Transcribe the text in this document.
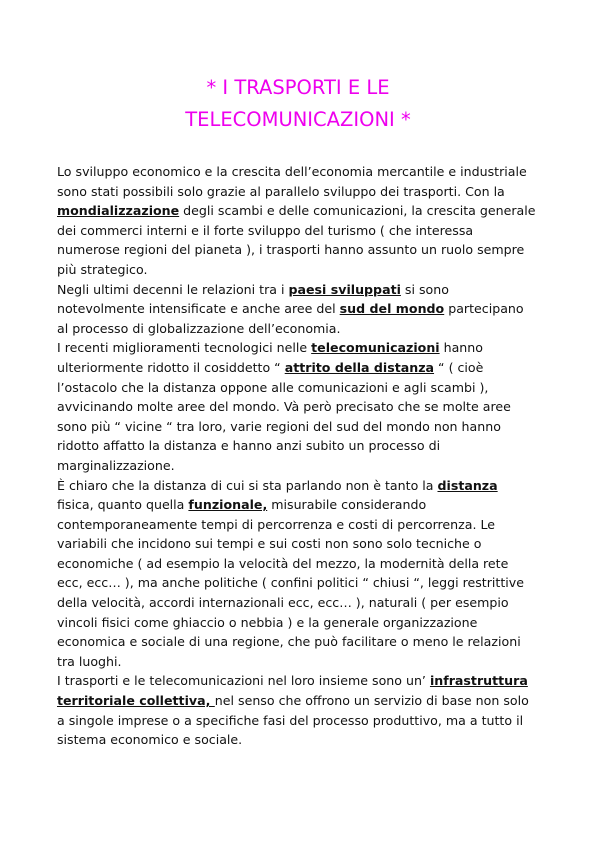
* I TRASPORTI E LE
TELECOMUNICAZIONI *
Lo sviluppo economico e la crescita dell’economia mercantile e industriale
sono stati possibili solo grazie al parallelo sviluppo dei trasporti. Con la
mondializzazione degli scambi e delle comunicazioni, la crescita generale
dei commerci interni e il forte sviluppo del turismo ( che interessa
numerose regioni del pianeta ), i trasporti hanno assunto un ruolo sempre
più strategico.
Negli ultimi decenni le relazioni tra i paesi sviluppati si sono
notevolmente intensificate e anche aree del sud del mondo partecipano
al processo di globalizzazione dell’economia.
I recenti miglioramenti tecnologici nelle telecomunicazioni hanno
ulteriormente ridotto il cosiddetto “ attrito della distanza “ ( cioè
l’ostacolo che la distanza oppone alle comunicazioni e agli scambi ),
avvicinando molte aree del mondo. Và però precisato che se molte aree
sono più “ vicine “ tra loro, varie regioni del sud del mondo non hanno
ridotto affatto la distanza e hanno anzi subito un processo di
marginalizzazione.
È chiaro che la distanza di cui si sta parlando non è tanto la distanza
fisica, quanto quella funzionale, misurabile considerando
contemporaneamente tempi di percorrenza e costi di percorrenza. Le
variabili che incidono sui tempi e sui costi non sono solo tecniche o
economiche ( ad esempio la velocità del mezzo, la modernità della rete
ecc, ecc… ), ma anche politiche ( confini politici “ chiusi “, leggi restrittive
della velocità, accordi internazionali ecc, ecc… ), naturali ( per esempio
vincoli fisici come ghiaccio o nebbia ) e la generale organizzazione
economica e sociale di una regione, che può facilitare o meno le relazioni
tra luoghi.
I trasporti e le telecomunicazioni nel loro insieme sono un’ infrastruttura
territoriale collettiva, nel senso che offrono un servizio di base non solo
a singole imprese o a specifiche fasi del processo produttivo, ma a tutto il
sistema economico e sociale.
